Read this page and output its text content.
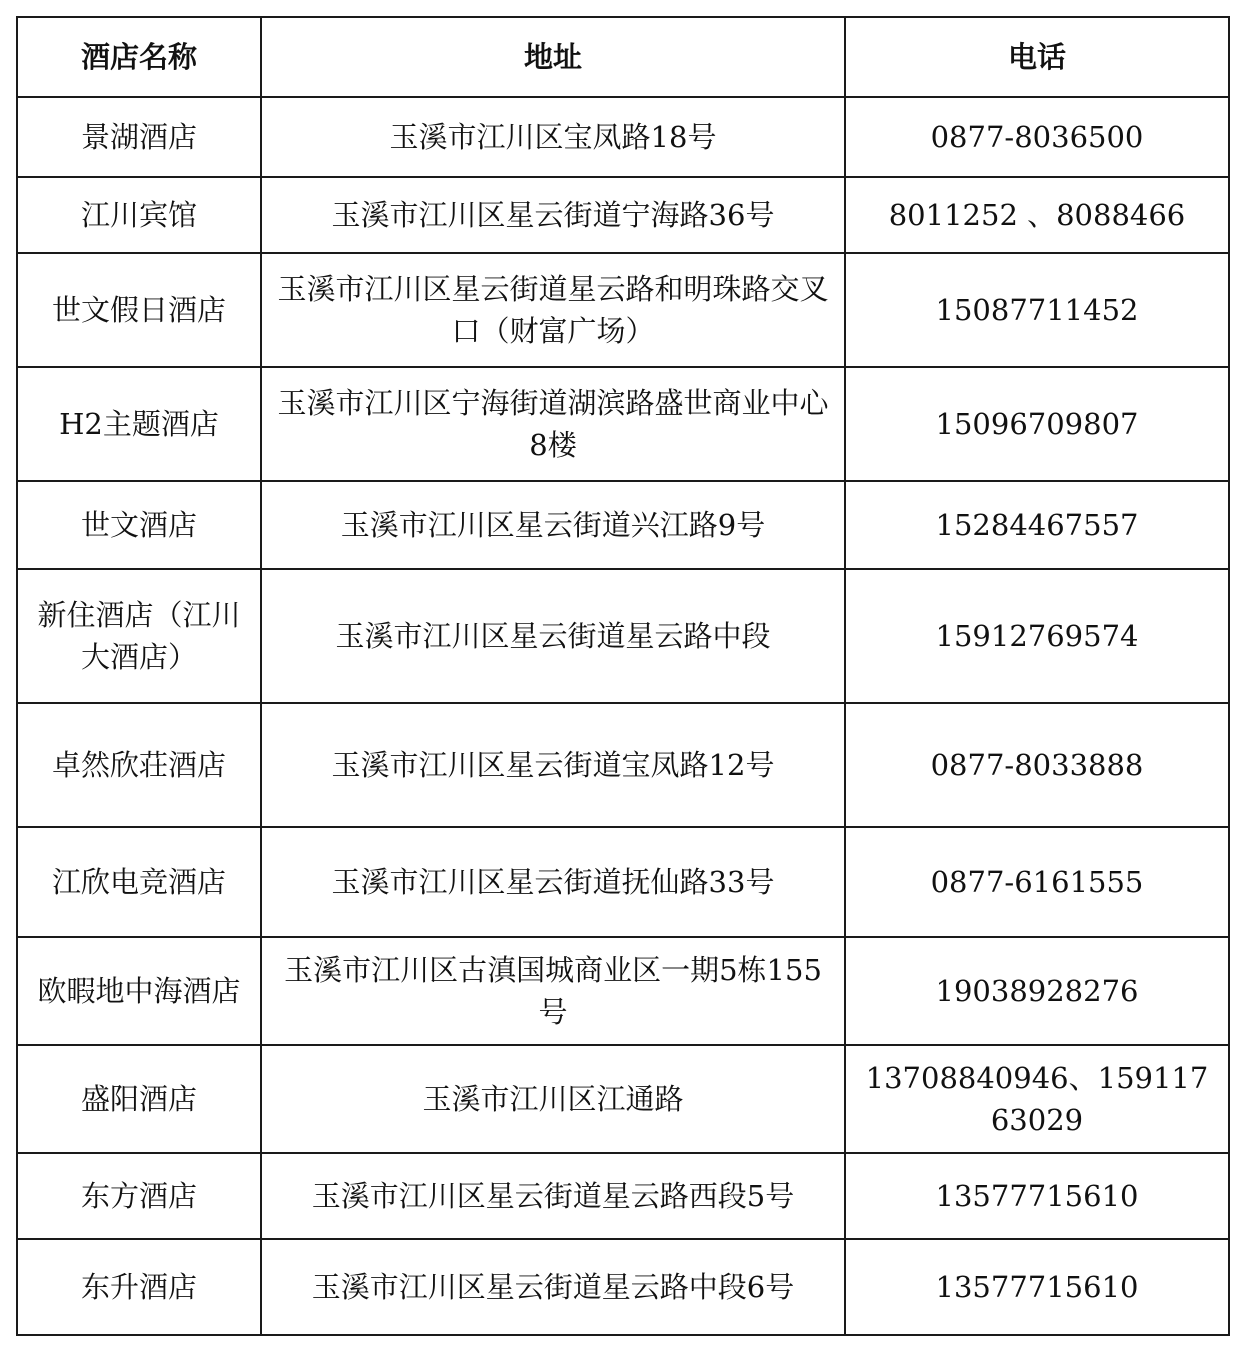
酒店名称	地址	电话
景湖酒店	玉溪市江川区宝凤路18号	0877-8036500
江川宾馆	玉溪市江川区星云街道宁海路36号	8011252 、8088466
世文假日酒店	玉溪市江川区星云街道星云路和明珠路交叉口（财富广场）	15087711452
H2主题酒店	玉溪市江川区宁海街道湖滨路盛世商业中心8楼	15096709807
世文酒店	玉溪市江川区星云街道兴江路9号	15284467557
新住酒店（江川大酒店）	玉溪市江川区星云街道星云路中段	15912769574
卓然欣荘酒店	玉溪市江川区星云街道宝凤路12号	0877-8033888
江欣电竞酒店	玉溪市江川区星云街道抚仙路33号	0877-6161555
欧暇地中海酒店	玉溪市江川区古滇国城商业区一期5栋155号	19038928276
盛阳酒店	玉溪市江川区江通路	13708840946、15911763029
东方酒店	玉溪市江川区星云街道星云路西段5号	13577715610
东升酒店	玉溪市江川区星云街道星云路中段6号	13577715610
